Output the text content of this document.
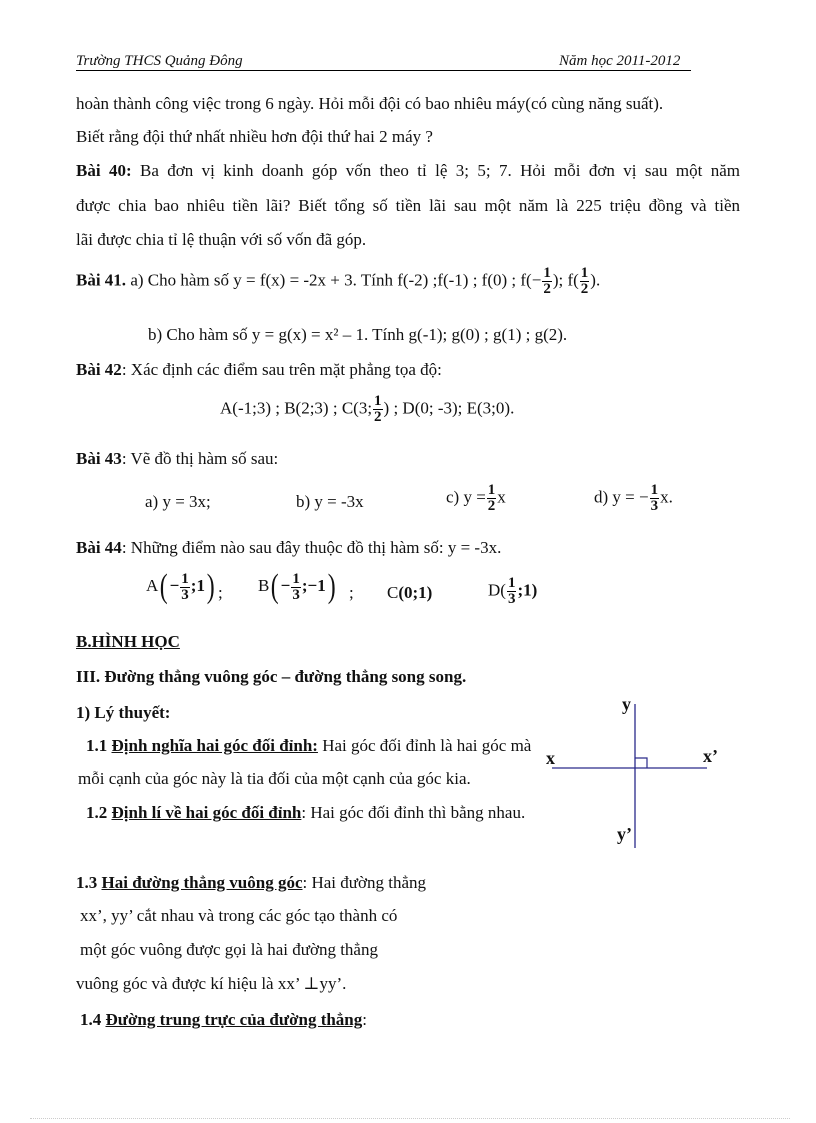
Trường THCS Quảng Đông	Năm học 2011-2012
hoàn thành công việc trong 6 ngày. Hỏi mỗi đội có bao nhiêu máy(có cùng năng suất).
Biết rằng đội thứ nhất nhiều hơn đội thứ hai 2 máy ?
Bài 40: Ba đơn vị kinh doanh góp vốn theo tỉ lệ 3; 5; 7. Hỏi mỗi đơn vị sau một năm
được chia bao nhiêu tiền lãi? Biết tổng số tiền lãi sau một năm là 225 triệu đồng và tiền
lãi được chia tỉ lệ thuận với số vốn đã góp.
Bài 41. a) Cho hàm số y = f(x) = -2x + 3. Tính f(-2) ;f(-1) ; f(0) ; $f(- \frac{1}{2}$ ); $f( \frac{1}{2}$ ).
b) Cho hàm số y = g(x) = x² – 1. Tính g(-1); g(0) ; g(1) ; g(2).
Bài 42: Xác định các điểm sau trên mặt phẳng tọa độ:
A(-1;3) ; B(2;3) ; C(3; $\frac{1}{2}$ ) ; D(0; -3); E(3;0).
Bài 43: Vẽ đồ thị hàm số sau:
a) y = 3x;	b) y = -3x	c) $y = \frac{1}{2}$ x	d) y = − $\frac{1}{3} x$.
Bài 44: Những điểm nào sau đây thuộc đồ thị hàm số: y = -3x.
$A(- \frac{1}{3}$ ;1) ; $B(- \frac{1}{3}$ ;−1) ; C(0;1)	$D( \frac{1}{3}$ ;1)
B.HÌNH HỌC
III. Đường thẳng vuông góc – đường thẳng song song.
1) Lý thuyết:
1.1 Định nghĩa hai góc đối đỉnh: Hai góc đối đỉnh là hai góc mà
mỗi cạnh của góc này là tia đối của một cạnh của góc kia.
1.2 Định lí về hai góc đối đỉnh: Hai góc đối đỉnh thì bằng nhau.
y
x	x’
y’
1.3 Hai đường thẳng vuông góc: Hai đường thẳng
xx’, yy’ cắt nhau và trong các góc tạo thành có
một góc vuông được gọi là hai đường thẳng
vuông góc và được kí hiệu là xx’ ⊥yy’.
1.4 Đường trung trực của đường thẳng:
